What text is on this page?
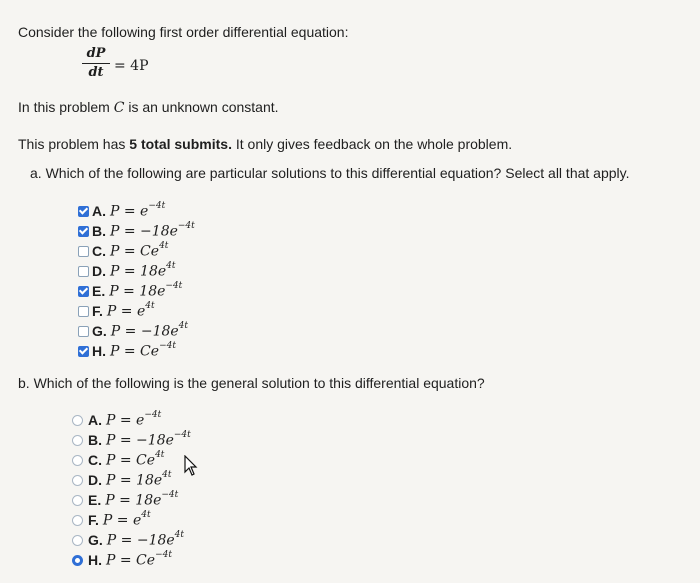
Consider the following first order differential equation:
dP
dt = 4P
In this problem C is an unknown constant.
This problem has 5 total submits. It only gives feedback on the whole problem.
a. Which of the following are particular solutions to this differential equation? Select all that apply.
A. $P = e^{-4t}$
B. $P = -18e^{-4t}$
C. $P = Ce^{4t}$
D. $P = 18e^{4t}$
E. $P = 18e^{-4t}$
F. $P = e^{4t}$
G. $P = -18e^{4t}$
H. $P = Ce^{-4t}$
b. Which of the following is the general solution to this differential equation?
A. $P = e^{-4t}$
B. $P = -18e^{-4t}$
C. $P = Ce^{4t}$
D. $P = 18e^{4t}$
E. $P = 18e^{-4t}$
F. $P = e^{4t}$
G. $P = -18e^{4t}$
H. $P = Ce^{-4t}$
